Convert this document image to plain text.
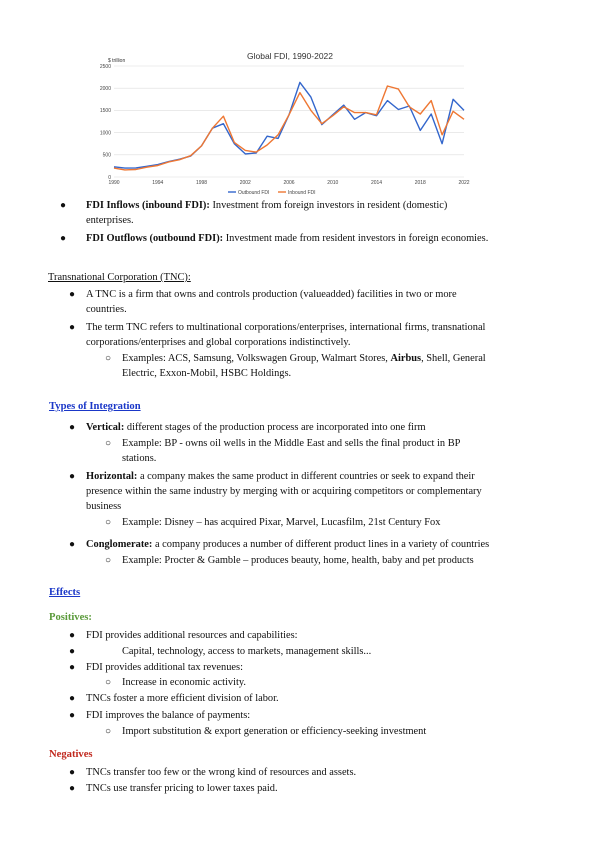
Global FDI, 1990-2022
$ trillion
0
500
1000
1500
2000
2500
1990	1994	1998	2002	2006	2010	2014	2018	2022
Outbound FDI	Inbound FDI
● FDI Inflows (inbound FDI): Investment from foreign investors in resident (domestic)
enterprises.
● FDI Outflows (outbound FDI): Investment made from resident investors in foreign economies.
Transnational Corporation (TNC):
● A TNC is a firm that owns and controls production (valueadded) facilities in two or more
countries.
● The term TNC refers to multinational corporations/enterprises, international firms, transnational
corporations/enterprises and global corporations indistinctively.
○ Examples: ACS, Samsung, Volkswagen Group, Walmart Stores, Airbus, Shell, General
Electric, Exxon-Mobil, HSBC Holdings.
Types of Integration
● Vertical: different stages of the production process are incorporated into one firm
○ Example: BP - owns oil wells in the Middle East and sells the final product in BP
stations.
● Horizontal: a company makes the same product in different countries or seek to expand their
presence within the same industry by merging with or acquiring competitors or complementary
business
○ Example: Disney – has acquired Pixar, Marvel, Lucasfilm, 21st Century Fox
● Conglomerate: a company produces a number of different product lines in a variety of countries
○ Example: Procter & Gamble – produces beauty, home, health, baby and pet products
Effects
Positives:
● FDI provides additional resources and capabilities:
●	Capital, technology, access to markets, management skills...
● FDI provides additional tax revenues:
○ Increase in economic activity.
● TNCs foster a more efficient division of labor.
● FDI improves the balance of payments:
○ Import substitution & export generation or efficiency-seeking investment
Negatives
● TNCs transfer too few or the wrong kind of resources and assets.
● TNCs use transfer pricing to lower taxes paid.
